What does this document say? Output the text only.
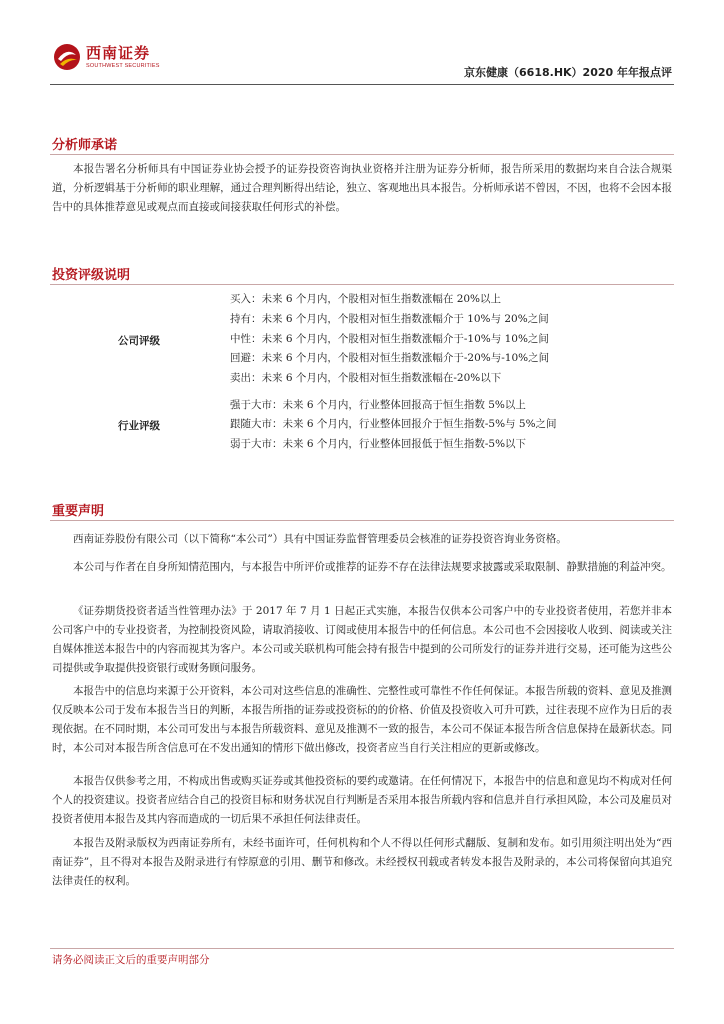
西南证券
SOUTHWEST SECURITIES	京东健康（6618.HK）2020 年年报点评
分析师承诺
本报告署名分析师具有中国证券业协会授予的证券投资咨询执业资格并注册为证券分析师，报告所采用的数据均来自合法合规渠道，分析逻辑基于分析师的职业理解，通过合理判断得出结论，独立、客观地出具本报告。分析师承诺不曾因，不因，也将不会因本报告中的具体推荐意见或观点而直接或间接获取任何形式的补偿。
投资评级说明
公司评级
买入：未来 6 个月内，个股相对恒生指数涨幅在 20%以上
持有：未来 6 个月内，个股相对恒生指数涨幅介于 10%与 20%之间
中性：未来 6 个月内，个股相对恒生指数涨幅介于-10%与 10%之间
回避：未来 6 个月内，个股相对恒生指数涨幅介于-20%与-10%之间
卖出：未来 6 个月内，个股相对恒生指数涨幅在-20%以下
行业评级
强于大市：未来 6 个月内，行业整体回报高于恒生指数 5%以上
跟随大市：未来 6 个月内，行业整体回报介于恒生指数-5%与 5%之间
弱于大市：未来 6 个月内，行业整体回报低于恒生指数-5%以下
重要声明
西南证券股份有限公司（以下简称“本公司”）具有中国证券监督管理委员会核准的证券投资咨询业务资格。
本公司与作者在自身所知情范围内，与本报告中所评价或推荐的证券不存在法律法规要求披露或采取限制、静默措施的利益冲突。
《证券期货投资者适当性管理办法》于 2017 年 7 月 1 日起正式实施，本报告仅供本公司客户中的专业投资者使用，若您并非本公司客户中的专业投资者，为控制投资风险，请取消接收、订阅或使用本报告中的任何信息。本公司也不会因接收人收到、阅读或关注自媒体推送本报告中的内容而视其为客户。本公司或关联机构可能会持有报告中提到的公司所发行的证券并进行交易，还可能为这些公司提供或争取提供投资银行或财务顾问服务。
本报告中的信息均来源于公开资料，本公司对这些信息的准确性、完整性或可靠性不作任何保证。本报告所载的资料、意见及推测仅反映本公司于发布本报告当日的判断，本报告所指的证券或投资标的的价格、价值及投资收入可升可跌，过往表现不应作为日后的表现依据。在不同时期，本公司可发出与本报告所载资料、意见及推测不一致的报告，本公司不保证本报告所含信息保持在最新状态。同时，本公司对本报告所含信息可在不发出通知的情形下做出修改，投资者应当自行关注相应的更新或修改。
本报告仅供参考之用，不构成出售或购买证券或其他投资标的要约或邀请。在任何情况下，本报告中的信息和意见均不构成对任何个人的投资建议。投资者应结合自己的投资目标和财务状况自行判断是否采用本报告所载内容和信息并自行承担风险，本公司及雇员对投资者使用本报告及其内容而造成的一切后果不承担任何法律责任。
本报告及附录版权为西南证券所有，未经书面许可，任何机构和个人不得以任何形式翻版、复制和发布。如引用须注明出处为“西南证券”，且不得对本报告及附录进行有悖原意的引用、删节和修改。未经授权刊载或者转发本报告及附录的，本公司将保留向其追究法律责任的权利。
请务必阅读正文后的重要声明部分
